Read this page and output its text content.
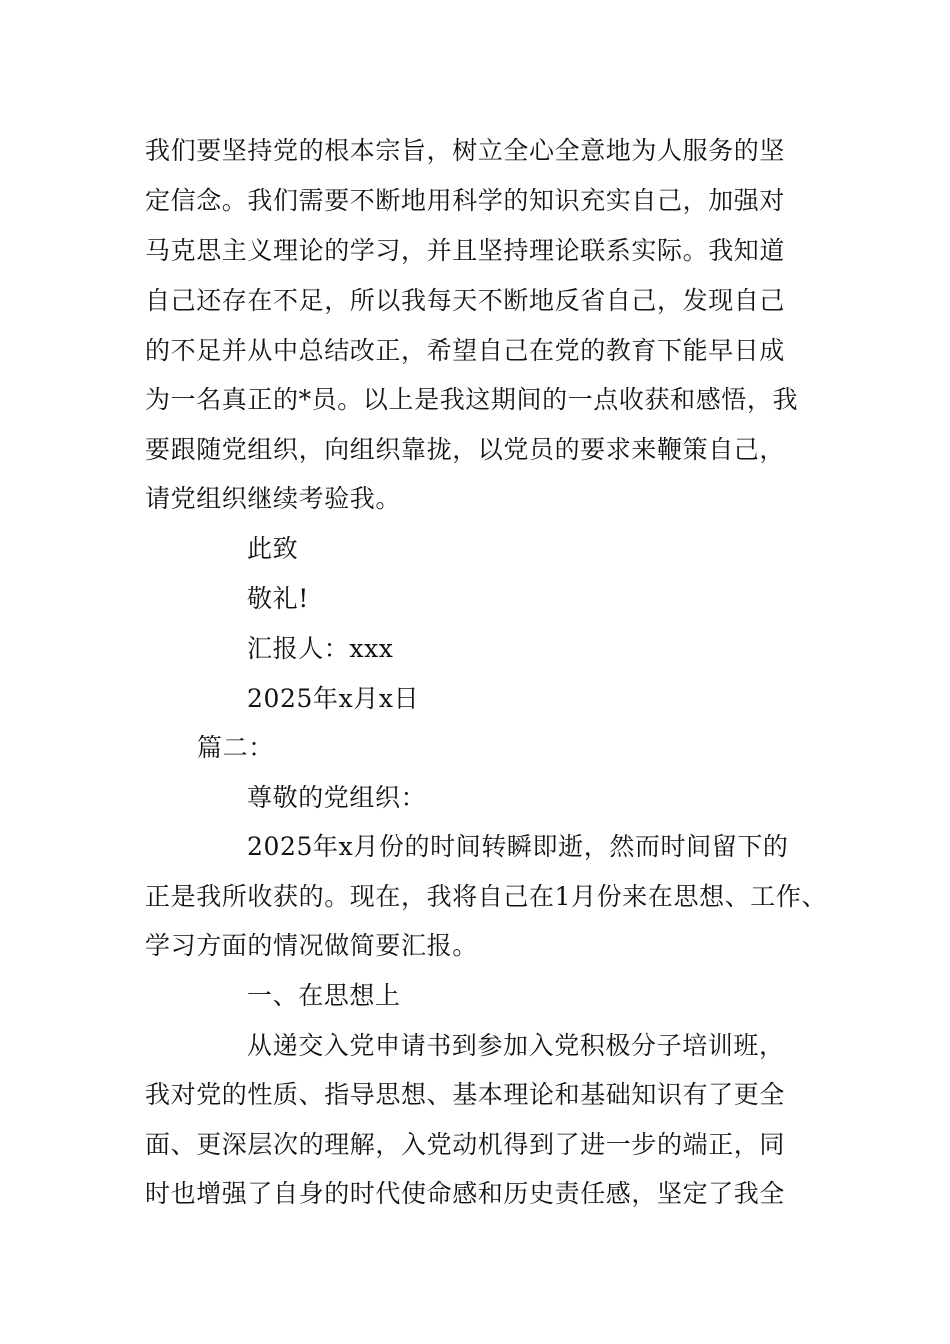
我们要坚持党的根本宗旨，树立全心全意地为人服务的坚
定信念。我们需要不断地用科学的知识充实自己，加强对
马克思主义理论的学习，并且坚持理论联系实际。我知道
自己还存在不足，所以我每天不断地反省自己，发现自己
的不足并从中总结改正，希望自己在党的教育下能早日成
为一名真正的*员。以上是我这期间的一点收获和感悟，我
要跟随党组织，向组织靠拢，以党员的要求来鞭策自己，
请党组织继续考验我。
此致
敬礼!
汇报人：xxx
2025年x月x日
篇二：
尊敬的党组织：
2025年x月份的时间转瞬即逝，然而时间留下的
正是我所收获的。现在，我将自己在1月份来在思想、工作、
学习方面的情况做简要汇报。
一、在思想上
从递交入党申请书到参加入党积极分子培训班，
我对党的性质、指导思想、基本理论和基础知识有了更全
面、更深层次的理解，入党动机得到了进一步的端正，同
时也增强了自身的时代使命感和历史责任感，坚定了我全
